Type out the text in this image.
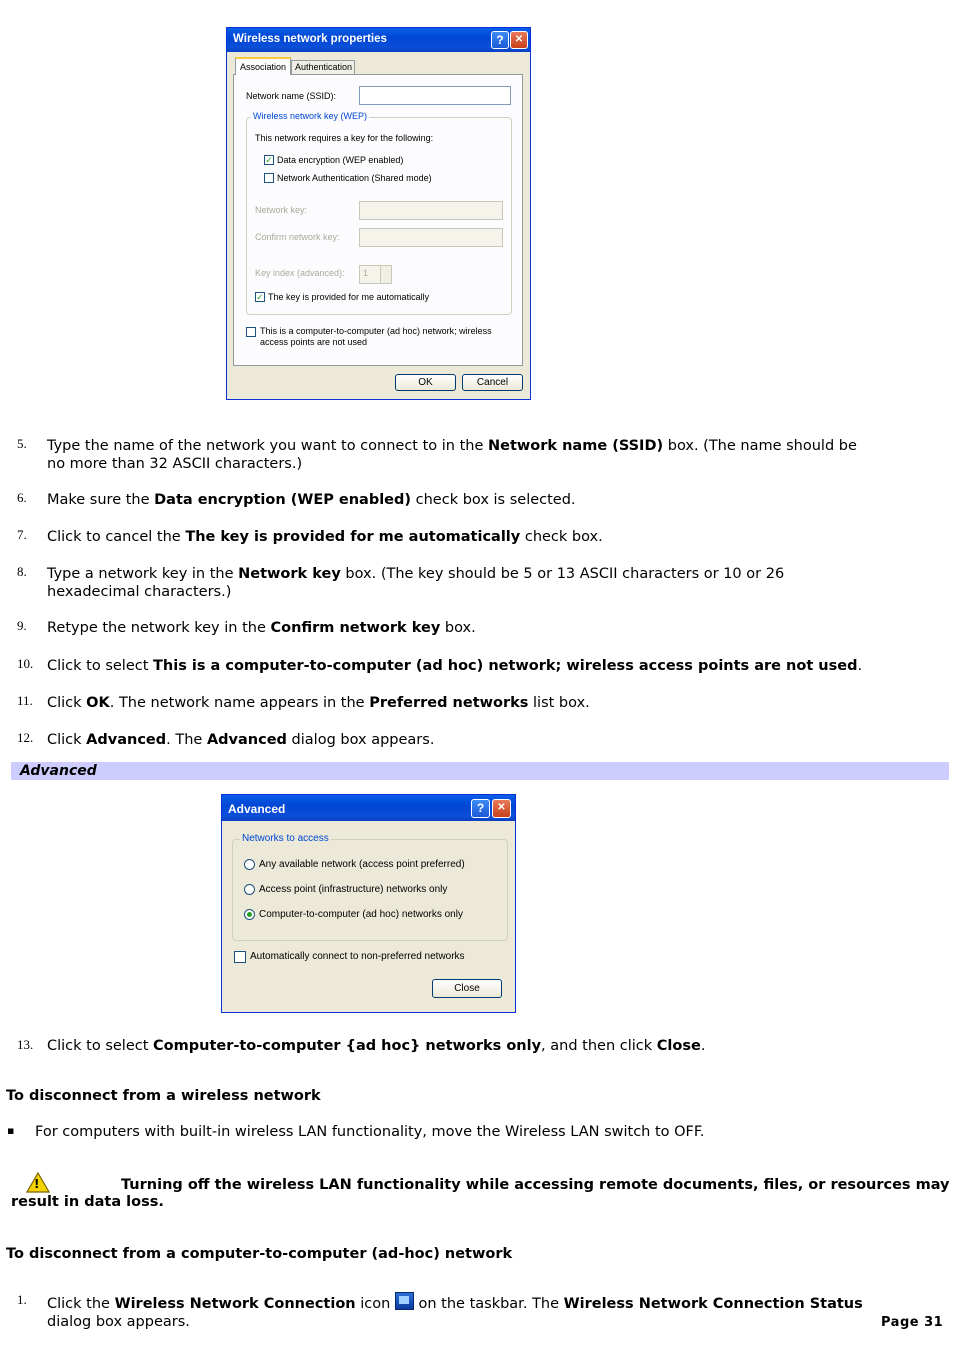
Wireless network properties	?	✕
Association Authentication
Network name (SSID):
Wireless network key (WEP)
This network requires a key for the following:
✓ Data encryption (WEP enabled)
Network Authentication (Shared mode)
Network key:
Confirm network key:
Key index (advanced): 1
✓ The key is provided for me automatically
This is a computer-to-computer (ad hoc) network; wireless
access points are not used
OK	Cancel
5. Type the name of the network you want to connect to in the Network name (SSID) box. (The name should be
no more than 32 ASCII characters.)
6. Make sure the Data encryption (WEP enabled) check box is selected.
7. Click to cancel the The key is provided for me automatically check box.
8. Type a network key in the Network key box. (The key should be 5 or 13 ASCII characters or 10 or 26
hexadecimal characters.)
9. Retype the network key in the Confirm network key box.
10. Click to select This is a computer-to-computer (ad hoc) network; wireless access points are not used.
11. Click OK. The network name appears in the Preferred networks list box.
12. Click Advanced. The Advanced dialog box appears.
Advanced
Advanced	?	✕
Networks to access
Any available network (access point preferred)
Access point (infrastructure) networks only
Computer-to-computer (ad hoc) networks only
Automatically connect to non-preferred networks
Close
13. Click to select Computer-to-computer {ad hoc} networks only, and then click Close.
To disconnect from a wireless network
▪ For computers with built-in wireless LAN functionality, move the Wireless LAN switch to OFF.
!	Turning off the wireless LAN functionality while accessing remote documents, files, or resources may
result in data loss.
To disconnect from a computer-to-computer (ad-hoc) network
1. Click the Wireless Network Connection icon
on the taskbar. The Wireless Network Connection Status
dialog box appears.	Page 31
